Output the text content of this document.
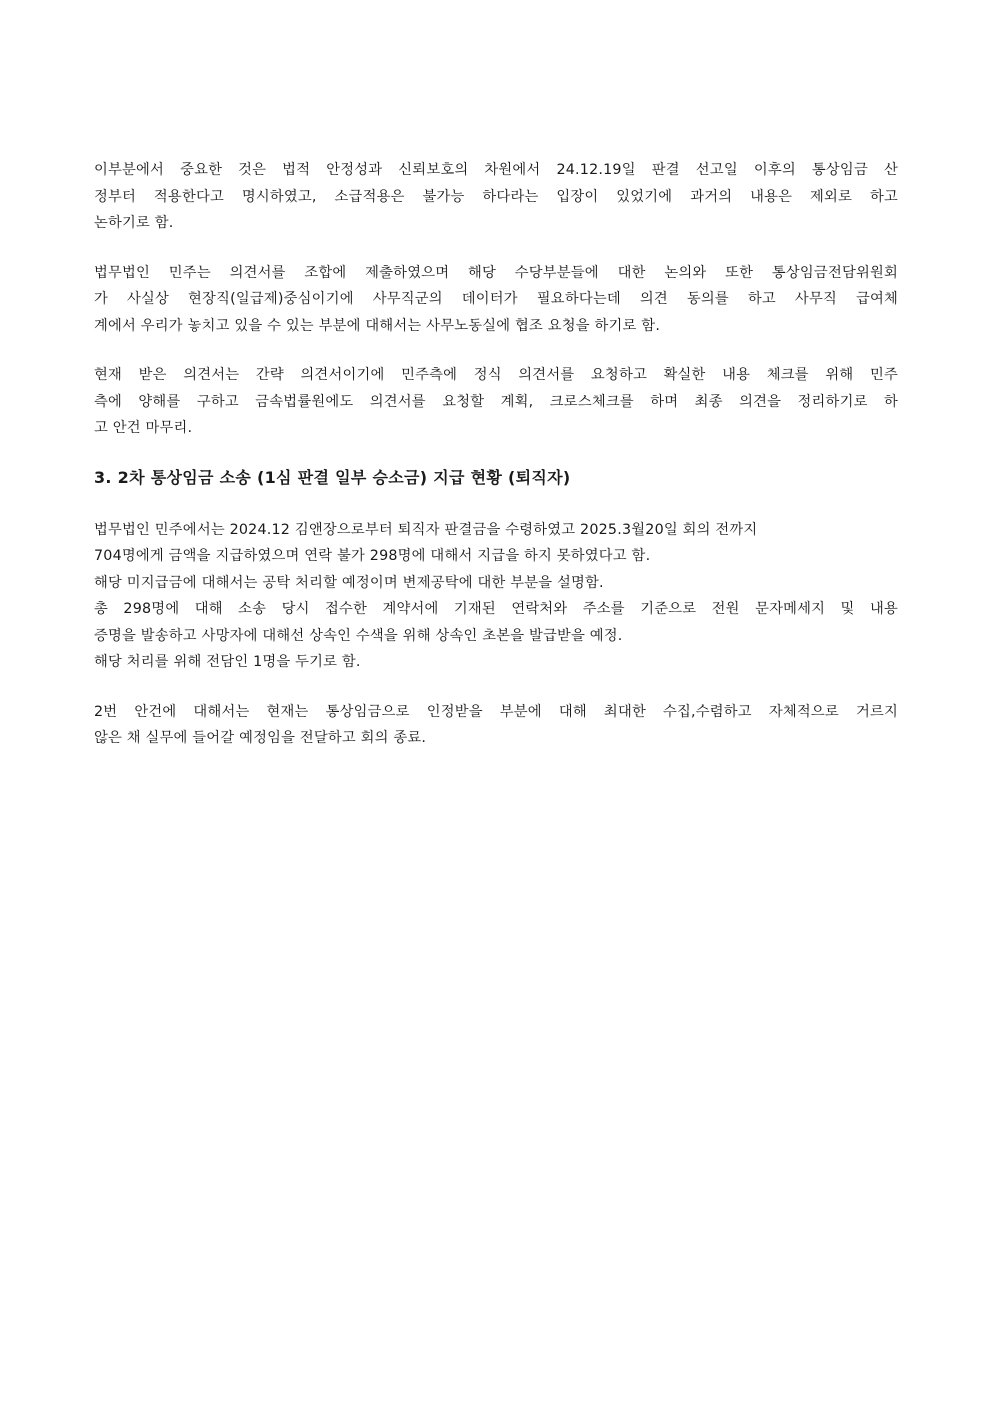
이부분에서 중요한 것은 법적 안정성과 신뢰보호의 차원에서 24.12.19일 판결 선고일 이후의 통상임금 산
정부터 적용한다고 명시하였고, 소급적용은 불가능 하다라는 입장이 있었기에 과거의 내용은 제외로 하고
논하기로 함.
법무법인 민주는 의견서를 조합에 제출하였으며 해당 수당부분들에 대한 논의와 또한 통상임금전담위원회
가 사실상 현장직(일급제)중심이기에 사무직군의 데이터가 필요하다는데 의견 동의를 하고 사무직 급여체
계에서 우리가 놓치고 있을 수 있는 부분에 대해서는 사무노동실에 협조 요청을 하기로 함.
현재 받은 의견서는 간략 의견서이기에 민주측에 정식 의견서를 요청하고 확실한 내용 체크를 위해 민주
측에 양해를 구하고 금속법률원에도 의견서를 요청할 계획, 크로스체크를 하며 최종 의견을 정리하기로 하
고 안건 마무리.
3. 2차 통상임금 소송 (1심 판결 일부 승소금) 지급 현황 (퇴직자)
법무법인 민주에서는 2024.12 김앤장으로부터 퇴직자 판결금을 수령하였고 2025.3월20일 회의 전까지
704명에게 금액을 지급하였으며 연락 불가 298명에 대해서 지급을 하지 못하였다고 함.
해당 미지급금에 대해서는 공탁 처리할 예정이며 변제공탁에 대한 부분을 설명함.
총 298명에 대해 소송 당시 접수한 계약서에 기재된 연락처와 주소를 기준으로 전원 문자메세지 및 내용
증명을 발송하고 사망자에 대해선 상속인 수색을 위해 상속인 초본을 발급받을 예정.
해당 처리를 위해 전담인 1명을 두기로 함.
2번 안건에 대해서는 현재는 통상임금으로 인정받을 부분에 대해 최대한 수집,수렴하고 자체적으로 거르지
않은 채 실무에 들어갈 예정임을 전달하고 회의 종료.
